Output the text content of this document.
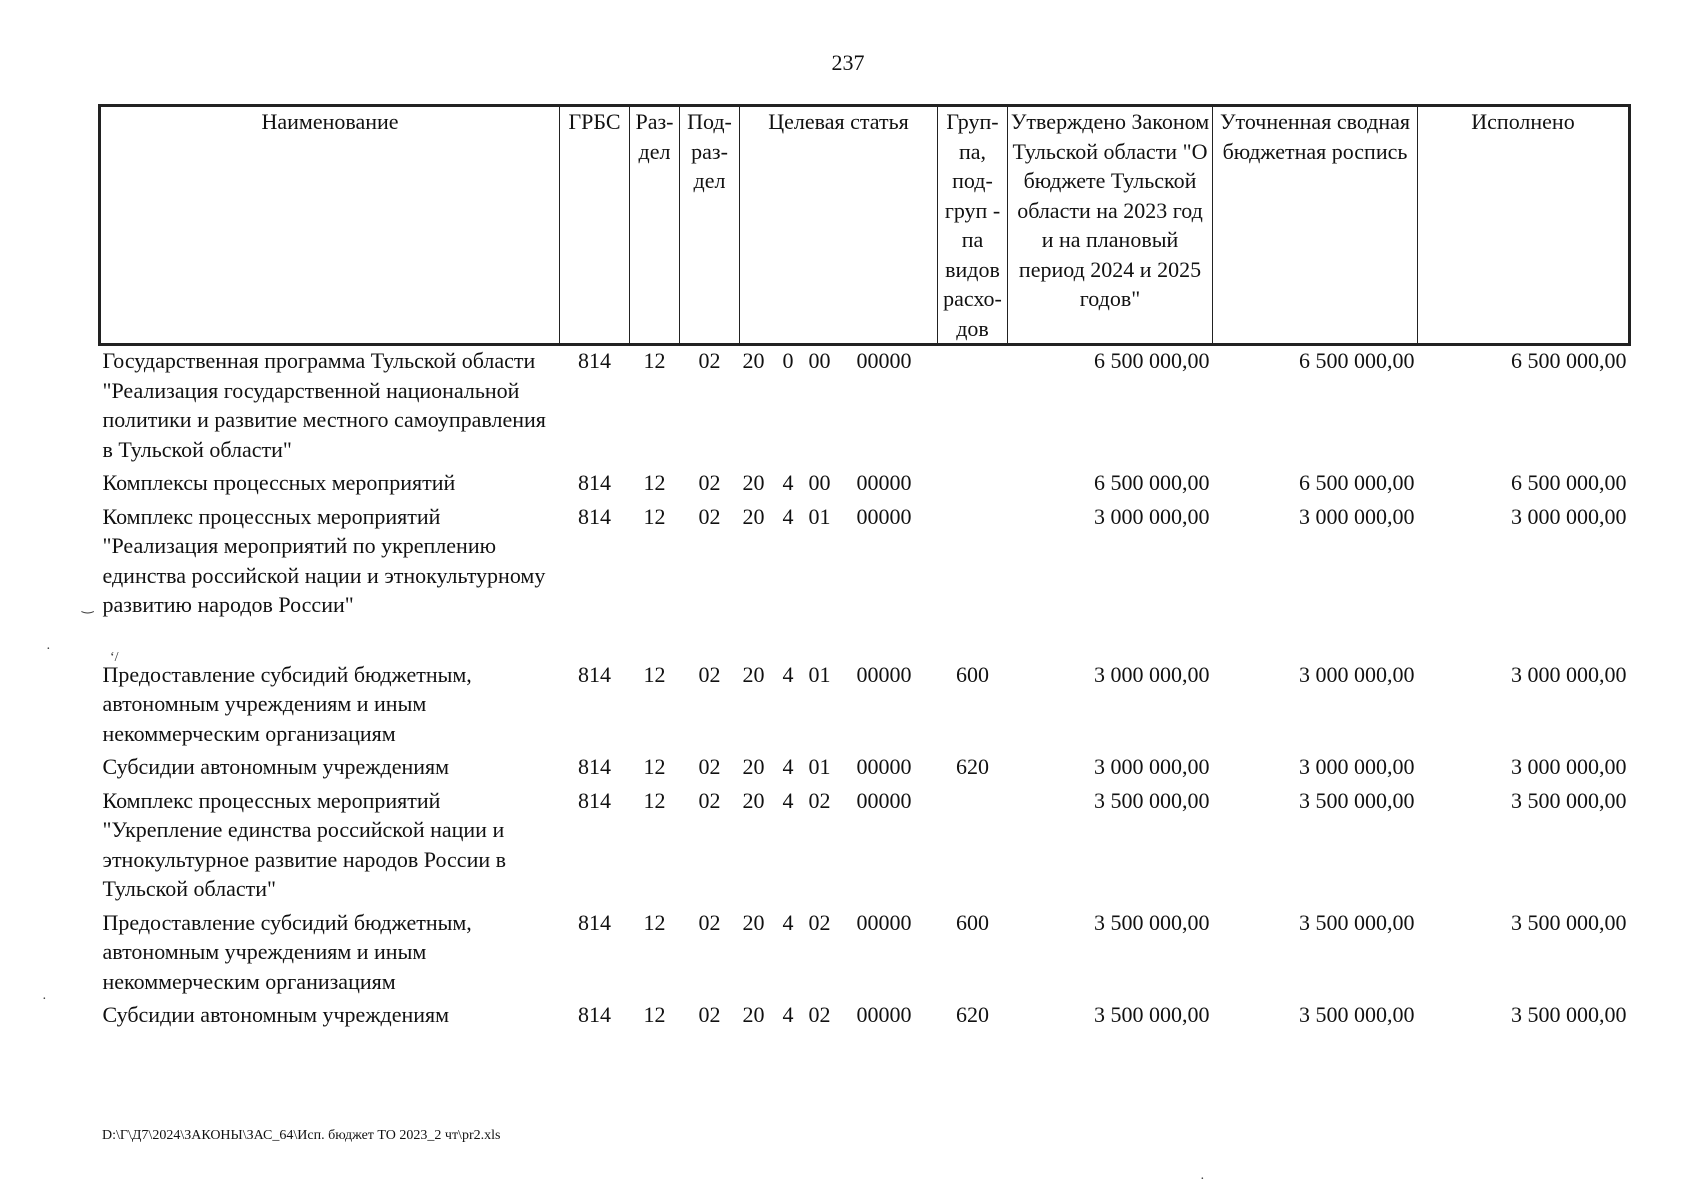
237
Наименование	ГРБС	Раз- дел	Под- раз- дел	Целевая статья	Груп- па, под- груп - па видов расхо- дов	Утверждено Законом Тульской области "О бюджете Тульской области на 2023 год и на плановый период 2024 и 2025 годов"	Уточненная сводная бюджетная роспись	Исполнено
Государственная программа Тульской области "Реализация государственной национальной политики и развитие местного самоуправления в Тульской области"	814	12	02	20 0 00 00000		6 500 000,00	6 500 000,00	6 500 000,00
Комплексы процессных мероприятий	814	12	02	20 4 00 00000		6 500 000,00	6 500 000,00	6 500 000,00
Комплекс процессных мероприятий "Реализация мероприятий по укреплению единства российской нации и этнокультурному развитию народов России"	814	12	02	20 4 01 00000		3 000 000,00	3 000 000,00	3 000 000,00
Предоставление субсидий бюджетным, автономным учреждениям и иным некоммерческим организациям	814	12	02	20 4 01 00000	600	3 000 000,00	3 000 000,00	3 000 000,00
Субсидии автономным учреждениям	814	12	02	20 4 01 00000	620	3 000 000,00	3 000 000,00	3 000 000,00
Комплекс процессных мероприятий "Укрепление единства российской нации и этнокультурное развитие народов России в Тульской области"	814	12	02	20 4 02 00000		3 500 000,00	3 500 000,00	3 500 000,00
Предоставление субсидий бюджетным, автономным учреждениям и иным некоммерческим организациям	814	12	02	20 4 02 00000	600	3 500 000,00	3 500 000,00	3 500 000,00
Субсидии автономным учреждениям	814	12	02	20 4 02 00000	620	3 500 000,00	3 500 000,00	3 500 000,00
‿
·
‘/
·
·
D:\Г\Д7\2024\ЗАКОНЫ\ЗАС_64\Исп. бюджет ТО 2023_2 чт\pr2.xls
